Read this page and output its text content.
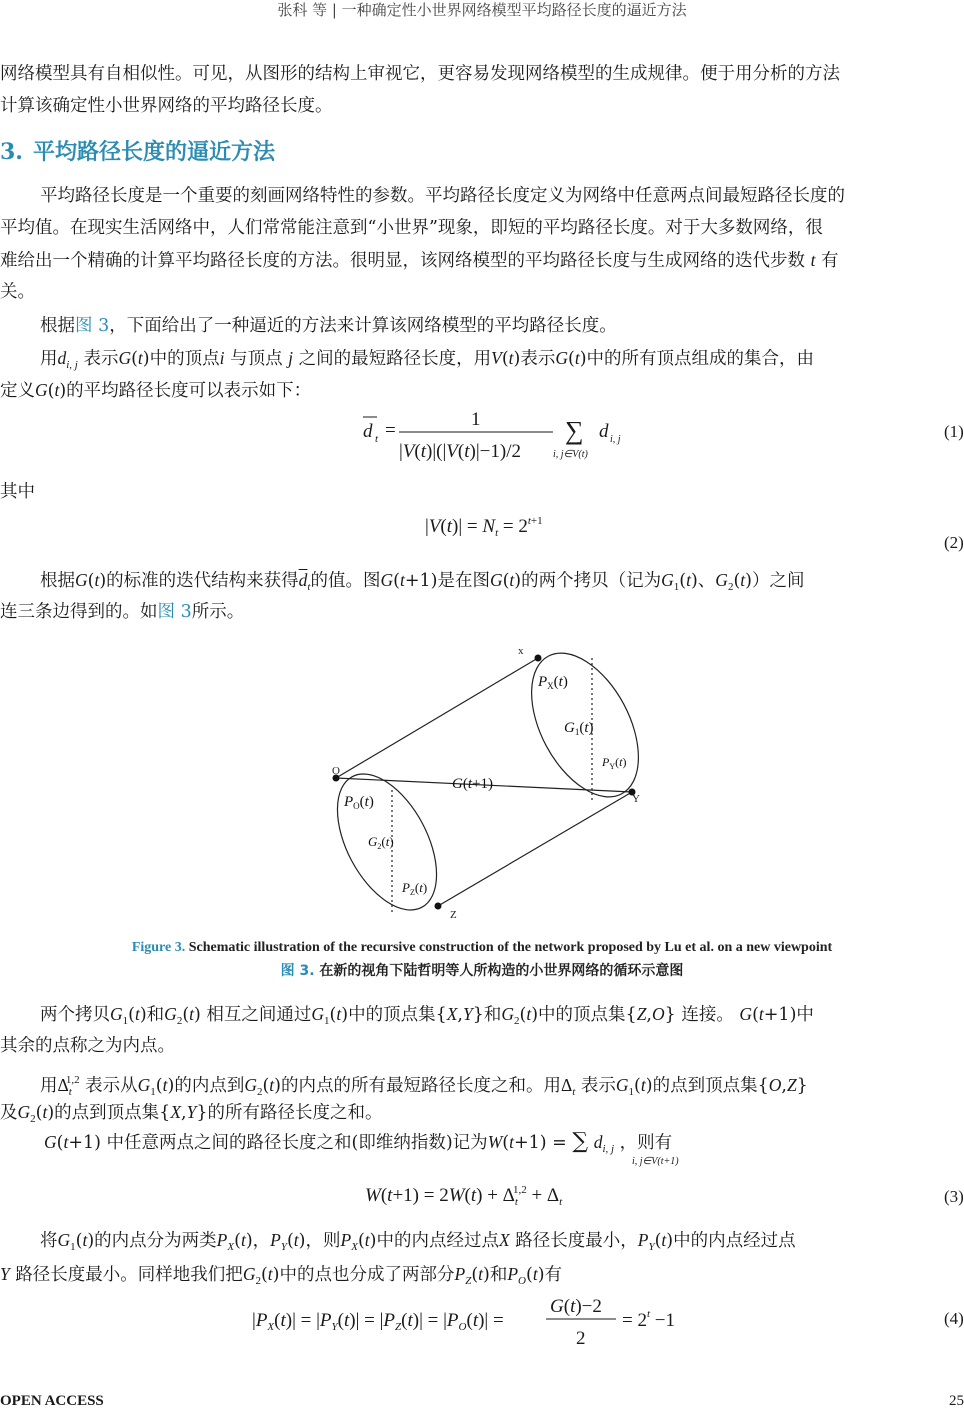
张科 等 | 一种确定性小世界网络模型平均路径长度的逼近方法
网络模型具有自相似性。可见，从图形的结构上审视它，更容易发现网络模型的生成规律。便于用分析的方法
计算该确定性小世界网络的平均路径长度。
3. 平均路径长度的逼近方法
平均路径长度是一个重要的刻画网络特性的参数。平均路径长度定义为网络中任意两点间最短路径长度的
平均值。在现实生活网络中，人们常常能注意到“小世界”现象，即短的平均路径长度。对于大多数网络，很
难给出一个精确的计算平均路径长度的方法。很明显，该网络模型的平均路径长度与生成网络的迭代步数 t 有
关。
根据图 3，下面给出了一种逼近的方法来计算该网络模型的平均路径长度。
用$d_{i, j}$ 表示G(t)中的顶点i 与顶点 j 之间的最短路径长度，用V(t)表示G(t)中的所有顶点组成的集合，由
定义G(t)的平均路径长度可以表示如下：
d t =
1
|V(t)|(|V(t)|−1)/2
∑
i, j∈V(t)
d i, j	(1)
其中
$|V(t)| = N_t = 2^{t+1}$
(2)
根据G(t)的标准的迭代结构来获得$\overline{d}_t$的值。图G(t+1)是在图G(t)的两个拷贝（记为$G_1(t)$、$G_2(t)$）之间
连三条边得到的。如图 3所示。
x
O
Y
Z
$P_X(t)$
$G_1(t)$
$P_Y(t)$
G(t+1)
$P_O(t)$
$G_2(t)$
$P_Z(t)$
Figure 3. Schematic illustration of the recursive construction of the network proposed by Lu et al. on a new viewpoint
图 3. 在新的视角下陆哲明等人所构造的小世界网络的循环示意图
两个拷贝$G_1(t)$和$G_2(t)$ 相互之间通过$G_1(t)$中的顶点集{X,Y}和$G_2(t)$中的顶点集{Z,O} 连接。 G(t+1)中
其余的点称之为内点。
用$\Delta_t^{1,2}$ 表示从$G_1(t)$的内点到$G_2(t)$的内点的所有最短路径长度之和。用$\Delta_t$ 表示$G_1(t)$的点到顶点集{O,Z}
及$G_2(t)$的点到顶点集{X,Y}的所有路径长度之和。
G(t+1) 中任意两点之间的路径长度之和(即维纳指数)记为W(t+1) = ∑ $d_{i, j}$ ，则有
i, j∈V(t+1)
$W(t+1) = 2W(t) + \Delta_t^{1,2} + \Delta_t$	(3)
将$G_1(t)$的内点分为两类$P_X(t)$，$P_Y(t)$，则$P_X(t)$中的内点经过点X 路径长度最小，$P_Y(t)$中的内点经过点
Y 路径长度最小。同样地我们把$G_2(t)$中的点也分成了两部分$P_Z(t)$和$P_O(t)$有
$|P_X(t)| = |P_Y(t)| = |P_Z(t)| = |P_O(t)|$ =
G(t)−2
2
= $2^t -1$	(4)
OPEN ACCESS	25
